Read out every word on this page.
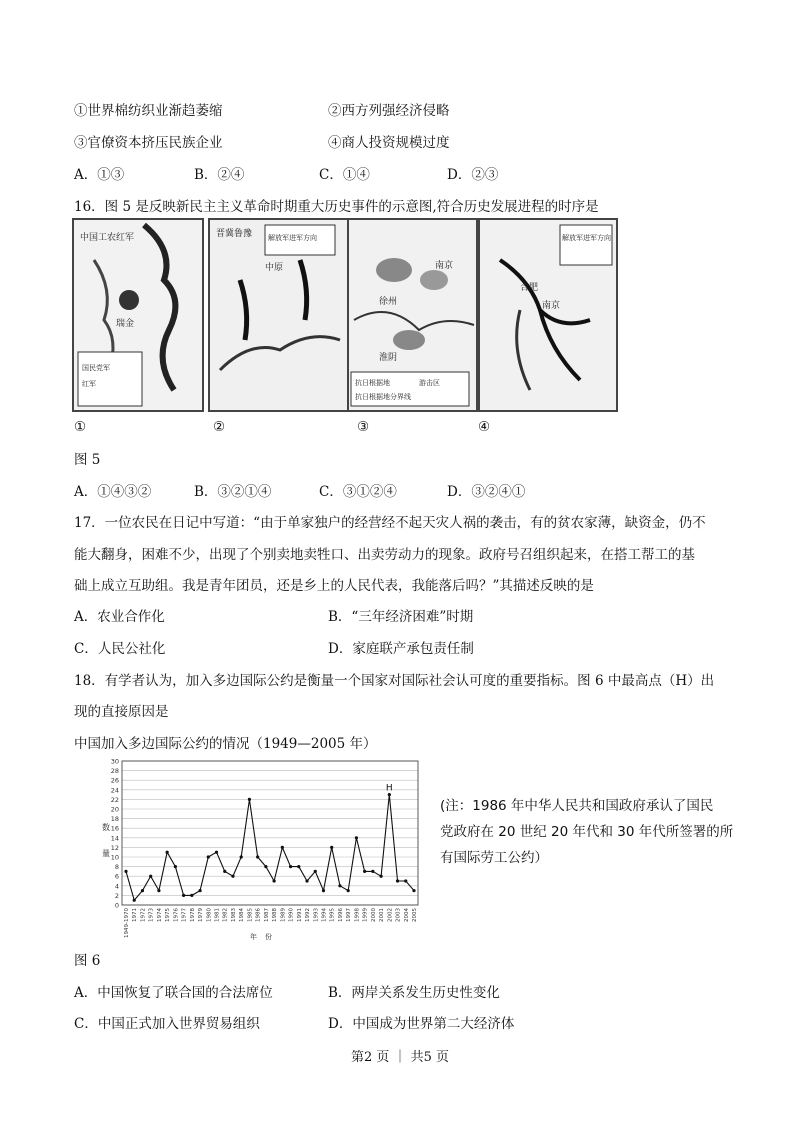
①世界棉纺织业渐趋萎缩	②西方列强经济侵略
③官僚资本挤压民族企业	④商人投资规模过度
A．①③	B．②④	C．①④	D．②③
16．图 5 是反映新民主主义革命时期重大历史事件的示意图,符合历史发展进程的时序是
中国工农红军
瑞金
国民党军
红军
晋冀鲁豫
中原
解放军进军方向
南京
徐州
淮阴
抗日根据地	游击区
抗日根据地分界线
合肥
南京
解放军进军方向
①	②	③	④
图 5
A．①④③②	B．③②①④	C．③①②④	D．③②④①
17．一位农民在日记中写道：“由于单家独户的经营经不起天灾人祸的袭击，有的贫农家薄，缺资金，仍不
能大翻身，困难不少，出现了个别卖地卖牲口、出卖劳动力的现象。政府号召组织起来，在搭工帮工的基
础上成立互助组。我是青年团员，还是乡上的人民代表，我能落后吗？”其描述反映的是
A．农业合作化	B．“三年经济困难”时期
C．人民公社化	D．家庭联产承包责任制
18．有学者认为，加入多边国际公约是衡量一个国家对国际社会认可度的重要指标。图 6 中最高点（H）出
现的直接原因是
中国加入多边国际公约的情况（1949—2005 年）
0
2
4
6
8
10
12
14
16
18
20
22
24
26
28
30
数
量
1949-1970 1971 1972 1973 1974 1975 1976 1977 1978 1979 1980 1981 1982 1983 1984 1985 1986 1987 1988 1989 1990 1991 1992 1993 1994 1995 1996 1997 1998 1999 2000 2001 2002 2003 2004 2005
年份
H
(注：1986 年中华人民共和国政府承认了国民
党政府在 20 世纪 20 年代和 30 年代所签署的所
有国际劳工公约）
图 6
A．中国恢复了联合国的合法席位	B．两岸关系发生历史性变化
C．中国正式加入世界贸易组织	D．中国成为世界第二大经济体
第2 页 ｜ 共5 页
